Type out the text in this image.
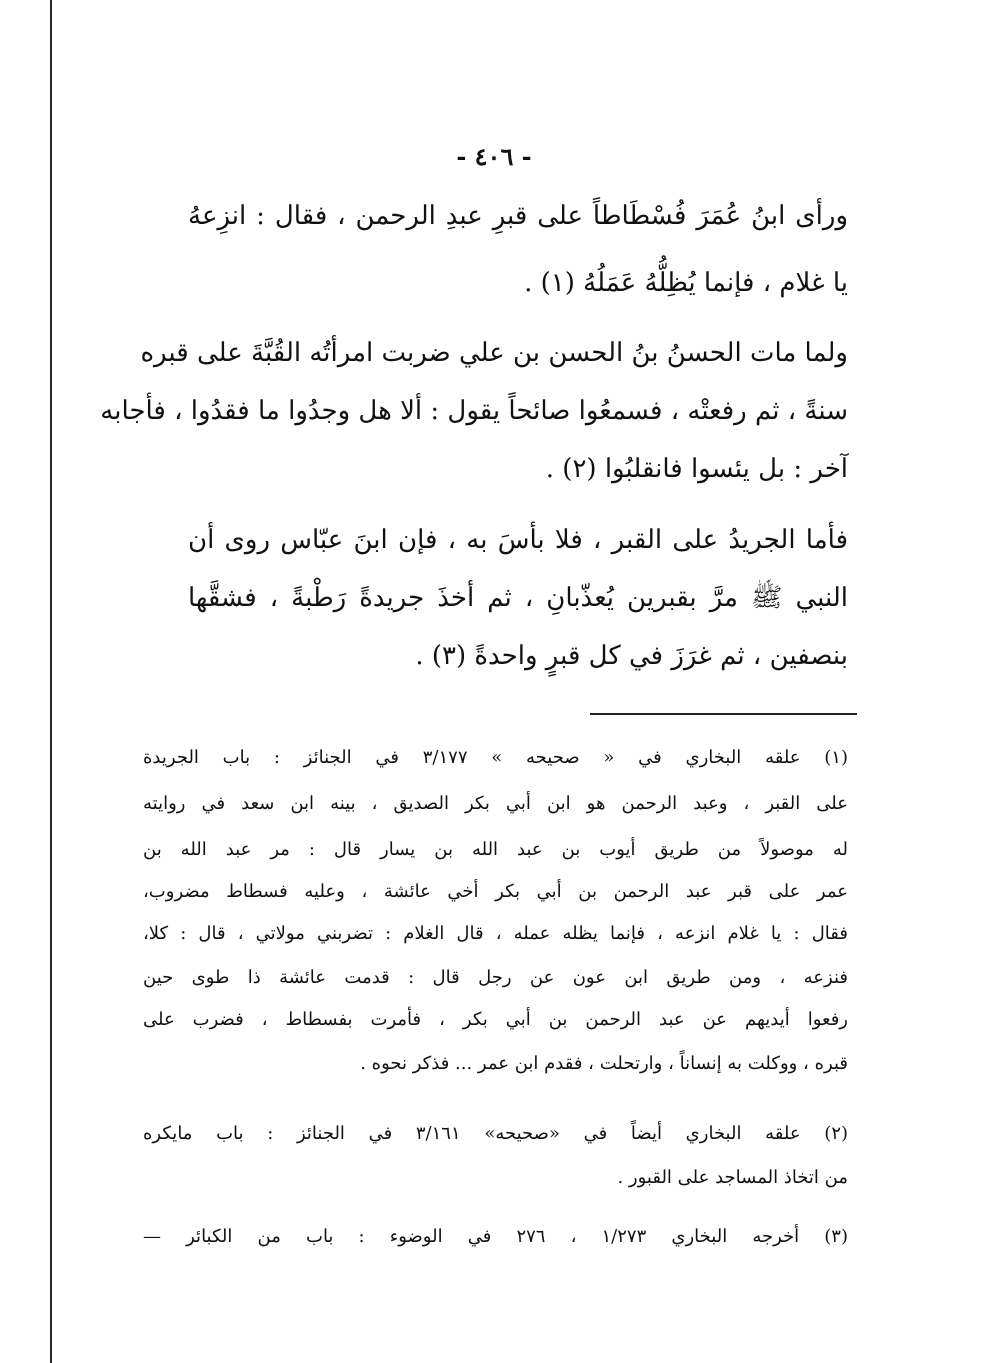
- ٤٠٦ -
ورأى ابنُ عُمَرَ فُسْطَاطاً على قبرِ عبدِ الرحمن ، فقال : انزِعهُ
يا غلام ، فإنما يُظِلُّهُ عَمَلُهُ (١) .
ولما مات الحسنُ بنُ الحسن بن علي ضربت امرأتُه القُبَّةَ على قبره
سنةً ، ثم رفعتْه ، فسمعُوا صائحاً يقول : ألا هل وجدُوا ما فقدُوا ، فأجابه
آخر : بل يئسوا فانقلبُوا (٢) .
فأما الجريدُ على القبر ، فلا بأسَ به ، فإن ابنَ عبّاس روى أن
النبي ﷺ مرَّ بقبرين يُعذّبانِ ، ثم أخذَ جريدةً رَطْبةً ، فشقَّها
بنصفين ، ثم غرَزَ في كل قبرٍ واحدةً (٣) .
(١) علقه البخاري في « صحيحه » ٣/١٧٧ في الجنائز : باب الجريدة
على القبر ، وعبد الرحمن هو ابن أبي بكر الصديق ، بينه ابن سعد في روايته
له موصولاً من طريق أيوب بن عبد الله بن يسار قال : مر عبد الله بن
عمر على قبر عبد الرحمن بن أبي بكر أخي عائشة ، وعليه فسطاط مضروب،
فقال : يا غلام انزعه ، فإنما يظله عمله ، قال الغلام : تضربني مولاتي ، قال : كلا،
فنزعه ، ومن طريق ابن عون عن رجل قال : قدمت عائشة ذا طوى حين
رفعوا أيديهم عن عبد الرحمن بن أبي بكر ، فأمرت بفسطاط ، فضرب على
قبره ، ووكلت به إنساناً ، وارتحلت ، فقدم ابن عمر ... فذكر نحوه .
(٢) علقه البخاري أيضاً في «صحيحه» ٣/١٦١ في الجنائز : باب مايكره
من اتخاذ المساجد على القبور .
(٣) أخرجه البخاري ١/٢٧٣ ، ٢٧٦ في الوضوء : باب من الكبائر —
